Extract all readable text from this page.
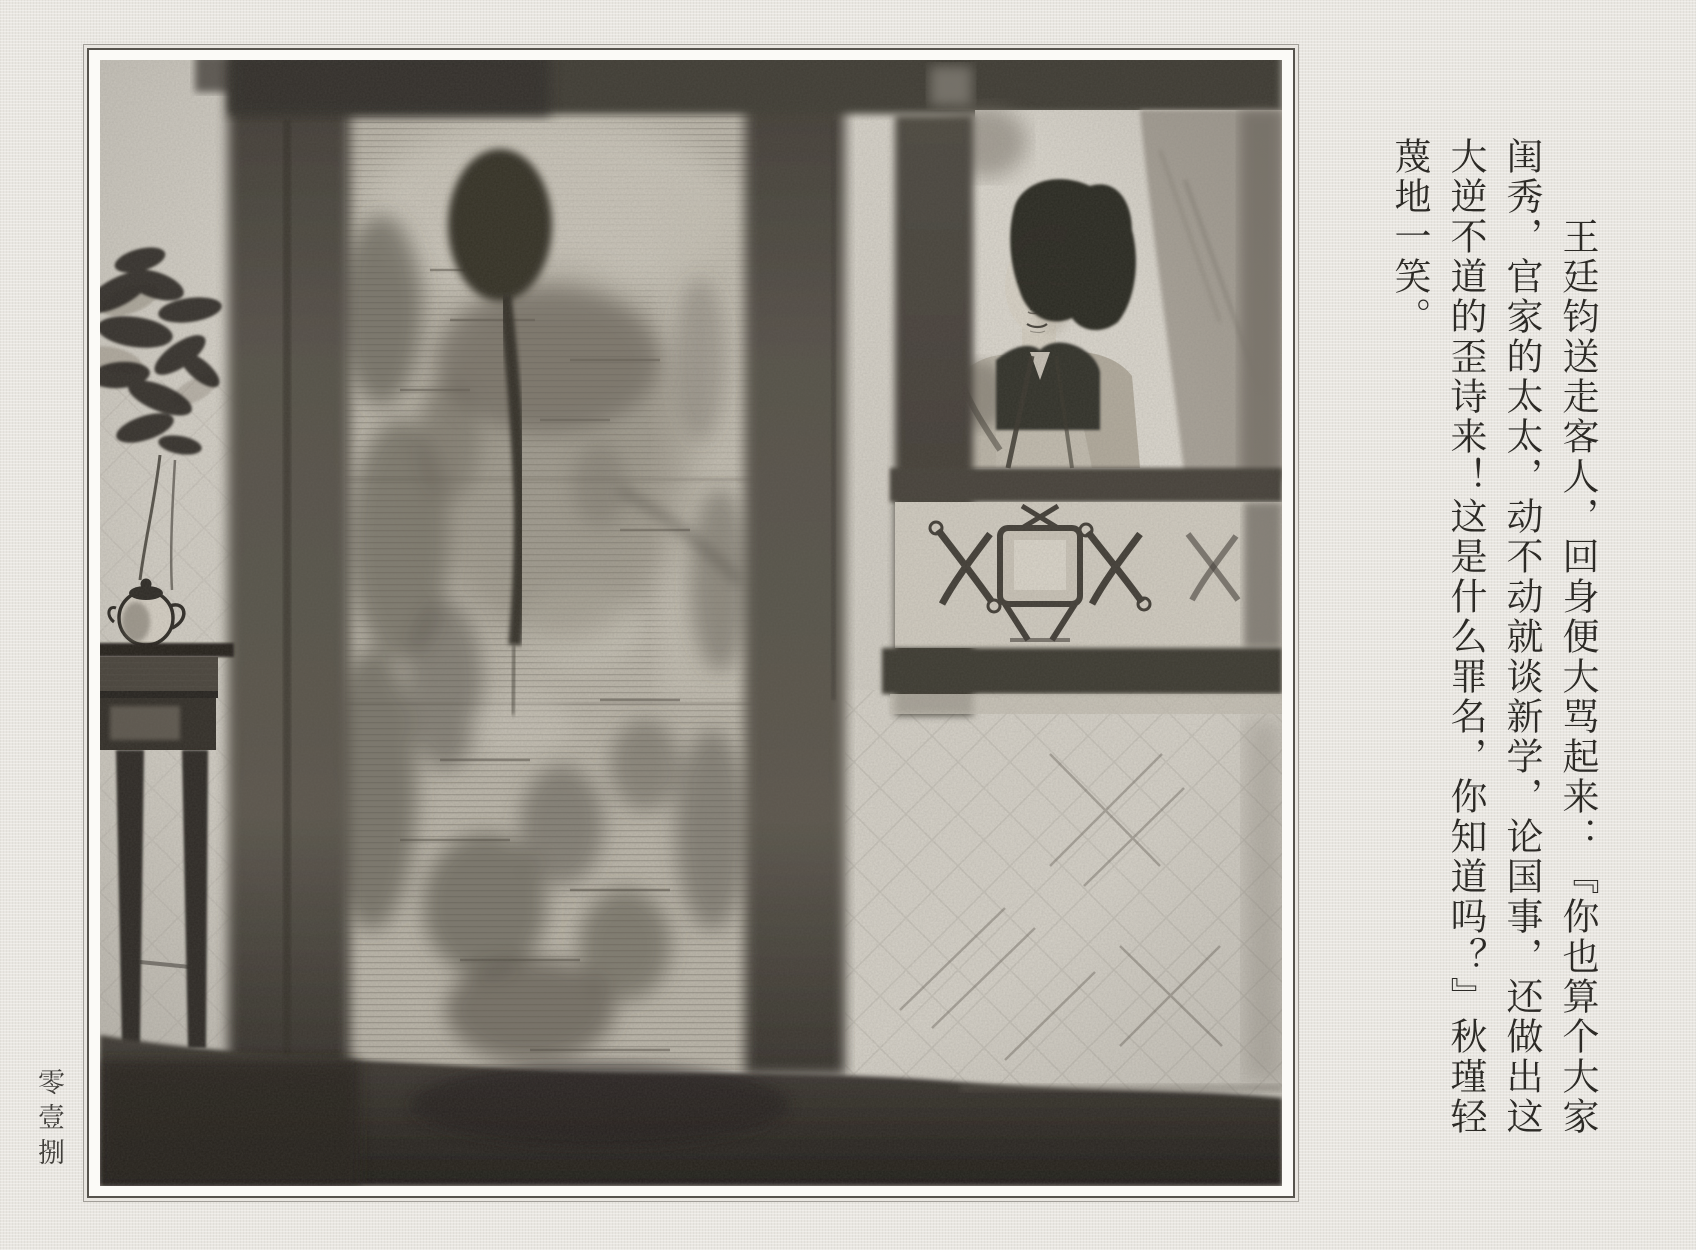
王廷钧送走客人，回身便大骂起来：『你也算个大家
闺秀，官家的太太，动不动就谈新学，论国事，还做出这
大逆不道的歪诗来！这是什么罪名，你知道吗？』秋瑾轻
蔑地一笑。
零壹捌
